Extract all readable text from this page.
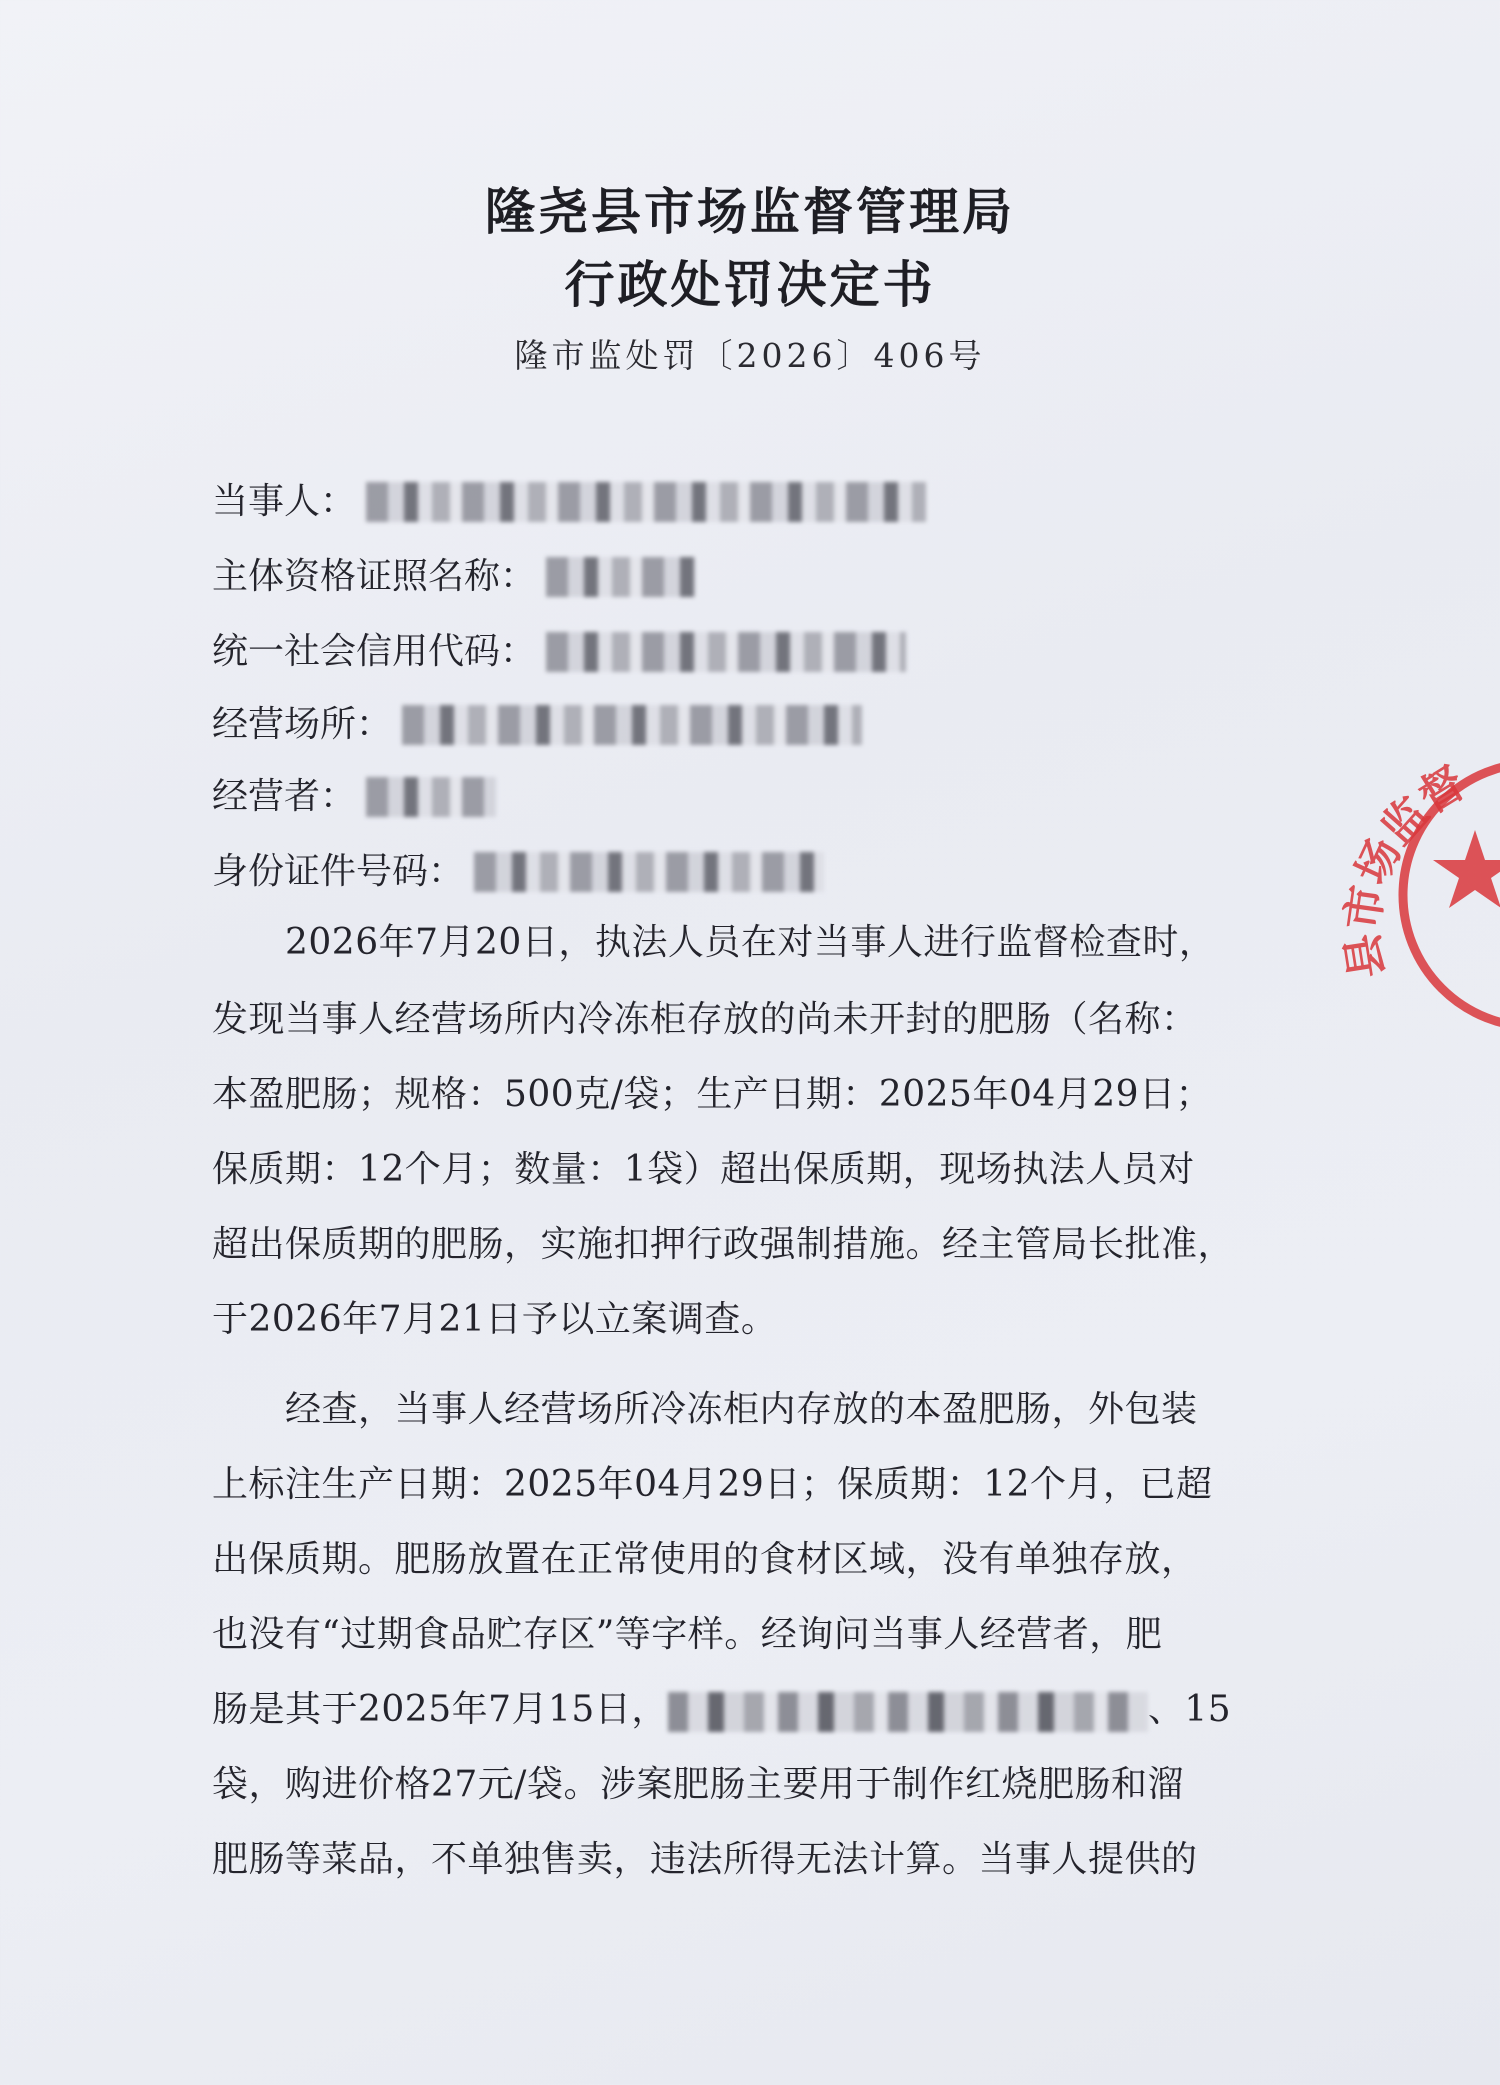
隆尧县市场监督管理局
行政处罚决定书
隆市监处罚〔2026〕406号
当事人：
主体资格证照名称：
统一社会信用代码：
经营场所：
经营者：
身份证件号码：
　　2026年7月20日，执法人员在对当事人进行监督检查时，
发现当事人经营场所内冷冻柜存放的尚未开封的肥肠（名称：
本盈肥肠；规格：500克/袋；生产日期：2025年04月29日；
保质期：12个月；数量：1袋）超出保质期，现场执法人员对
超出保质期的肥肠，实施扣押行政强制措施。经主管局长批准，
于2026年7月21日予以立案调查。
　　经查，当事人经营场所冷冻柜内存放的本盈肥肠，外包装
上标注生产日期：2025年04月29日；保质期：12个月，已超
出保质期。肥肠放置在正常使用的食材区域，没有单独存放，
也没有“过期食品贮存区”等字样。经询问当事人经营者，肥
肠是其于2025年7月15日，	、15
袋，购进价格27元/袋。涉案肥肠主要用于制作红烧肥肠和溜
肥肠等菜品，不单独售卖，违法所得无法计算。当事人提供的
县市场监督
